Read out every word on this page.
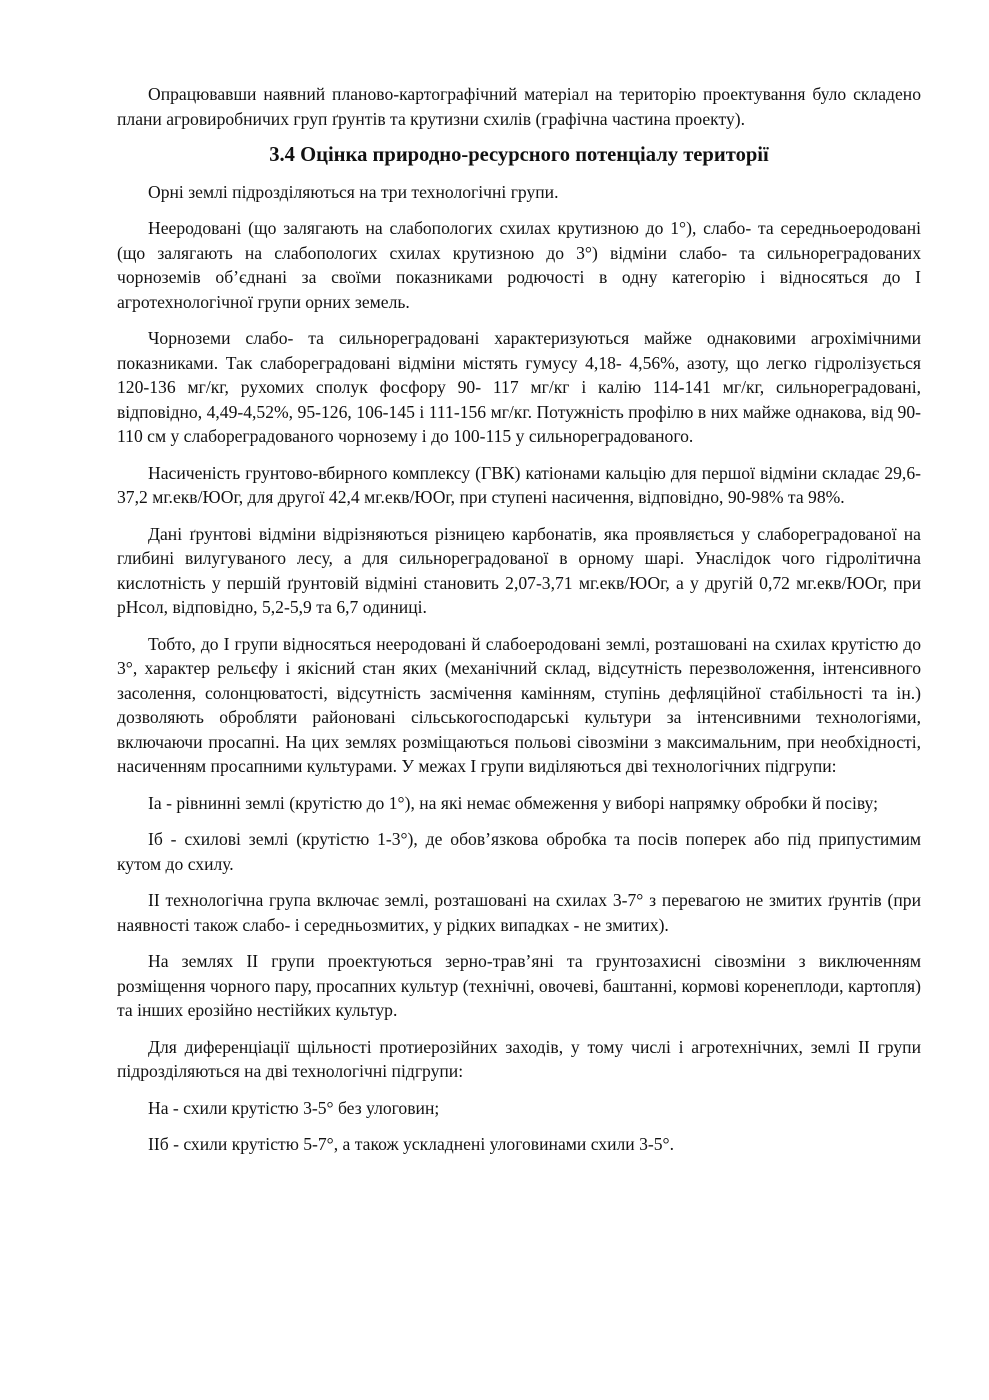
Опрацювавши наявний планово-картографічний матеріал на територію проектування було складено плани агровиробничих груп ґрунтів та крутизни схилів (графічна частина проекту).

3.4 Оцінка природно-ресурсного потенціалу території

Орні землі підрозділяються на три технологічні групи.

Нееродовані (що залягають на слабопологих схилах крутизною до 1°), слабо- та середньоеродовані (що залягають на слабопологих схилах крутизною до 3°) відміни слабо- та сильнореградованих чорноземів об’єднані за своїми показниками родючості в одну категорію і відносяться до І агротехнологічної групи орних земель.

Чорноземи слабо- та сильнореградовані характеризуються майже однаковими агрохімічними показниками. Так слабореградовані відміни містять гумусу 4,18- 4,56%, азоту, що легко гідролізується 120-136 мг/кг, рухомих сполук фосфору 90- 117 мг/кг і калію 114-141 мг/кг, сильнореградовані, відповідно, 4,49-4,52%, 95-126, 106-145 і 111-156 мг/кг. Потужність профілю в них майже однакова, від 90-110 см у слабореградованого чорнозему і до 100-115 у сильнореградованого.

Насиченість грунтово-вбирного комплексу (ГВК) катіонами кальцію для першої відміни складає 29,6-37,2 мг.екв/ЮОг, для другої 42,4 мг.екв/ЮОг, при ступені насичення, відповідно, 90-98% та 98%.

Дані ґрунтові відміни відрізняються різницею карбонатів, яка проявляється у слабореградованої на глибині вилугуваного лесу, а для сильнореградованої в орному шарі. Унаслідок чого гідролітична кислотність у першій ґрунтовій відміні становить 2,07-3,71 мг.екв/ЮОг, а у другій 0,72 мг.екв/ЮОг, при рНсол, відповідно, 5,2-5,9 та 6,7 одиниці.

Тобто, до І групи відносяться нееродовані й слабоеродовані землі, розташовані на схилах крутістю до 3°, характер рельєфу і якісний стан яких (механічний склад, відсутність перезволоження, інтенсивного засолення, солонцюватості, відсутність засмічення камінням, ступінь дефляційної стабільності та ін.) дозволяють обробляти районовані сільськогосподарські культури за інтенсивними технологіями, включаючи просапні. На цих землях розміщаються польові сівозміни з максимальним, при необхідності, насиченням просапними культурами. У межах І групи виділяються дві технологічних підгрупи:

Іа - рівнинні землі (крутістю до 1°), на які немає обмеження у виборі напрямку обробки й посіву;

Іб - схилові землі (крутістю 1-3°), де обов’язкова обробка та посів поперек або під припустимим кутом до схилу.

II технологічна група включає землі, розташовані на схилах 3-7° з перевагою не змитих ґрунтів (при наявності також слабо- і середньозмитих, у рідких випадках - не змитих).

На землях II групи проектуються зерно-трав’яні та грунтозахисні сівозміни з виключенням розміщення чорного пару, просапних культур (технічні, овочеві, баштанні, кормові коренеплоди, картопля) та інших ерозійно нестійких культур.

Для диференціації щільності протиерозійних заходів, у тому числі і агротехнічних, землі II групи підрозділяються на дві технологічні підгрупи:

На - схили крутістю 3-5° без улоговин;

ІІб - схили крутістю 5-7°, а також ускладнені улоговинами схили 3-5°.
